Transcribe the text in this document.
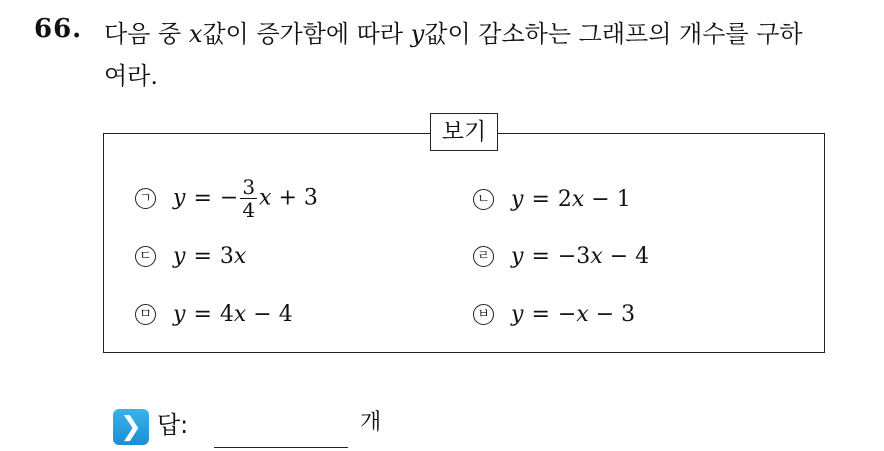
66. 다음 중 x값이 증가함에 따라 y값이 감소하는 그래프의 개수를 구하
여라.
보기
ㄱ y = − $\frac{3}{4}$ x + 3	ㄴ y = 2x − 1
ㄷ y = 3x	ㄹ y = −3x − 4
ㅁ y = 4x − 4	ㅂ y = −x − 3
❯ 답:	개
